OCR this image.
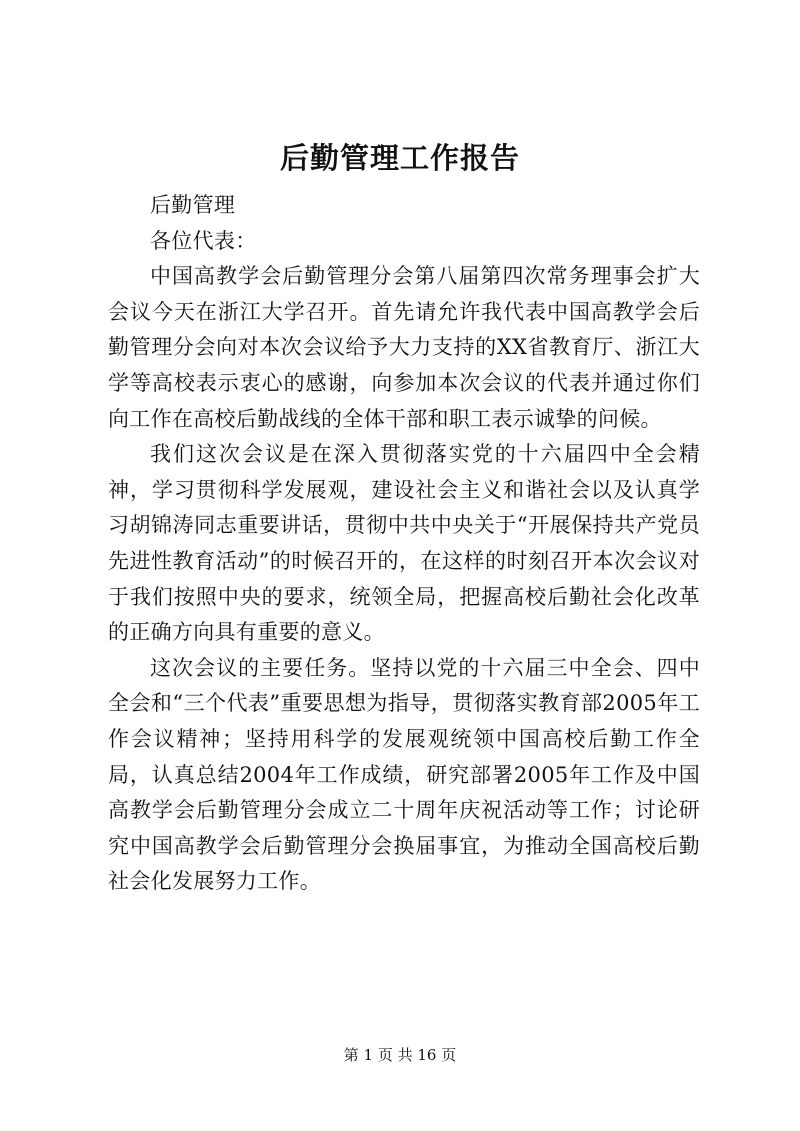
后勤管理工作报告

后勤管理

各位代表：

中国高教学会后勤管理分会第八届第四次常务理事会扩大会议今天在浙江大学召开。首先请允许我代表中国高教学会后勤管理分会向对本次会议给予大力支持的XX省教育厅、浙江大学等高校表示衷心的感谢，向参加本次会议的代表并通过你们向工作在高校后勤战线的全体干部和职工表示诚挚的问候。

我们这次会议是在深入贯彻落实党的十六届四中全会精神，学习贯彻科学发展观，建设社会主义和谐社会以及认真学习胡锦涛同志重要讲话，贯彻中共中央关于“开展保持共产党员先进性教育活动”的时候召开的，在这样的时刻召开本次会议对于我们按照中央的要求，统领全局，把握高校后勤社会化改革的正确方向具有重要的意义。

这次会议的主要任务。坚持以党的十六届三中全会、四中全会和“三个代表”重要思想为指导，贯彻落实教育部2005年工作会议精神；坚持用科学的发展观统领中国高校后勤工作全局，认真总结2004年工作成绩，研究部署2005年工作及中国高教学会后勤管理分会成立二十周年庆祝活动等工作；讨论研究中国高教学会后勤管理分会换届事宜，为推动全国高校后勤社会化发展努力工作。

第 1 页 共 16 页
